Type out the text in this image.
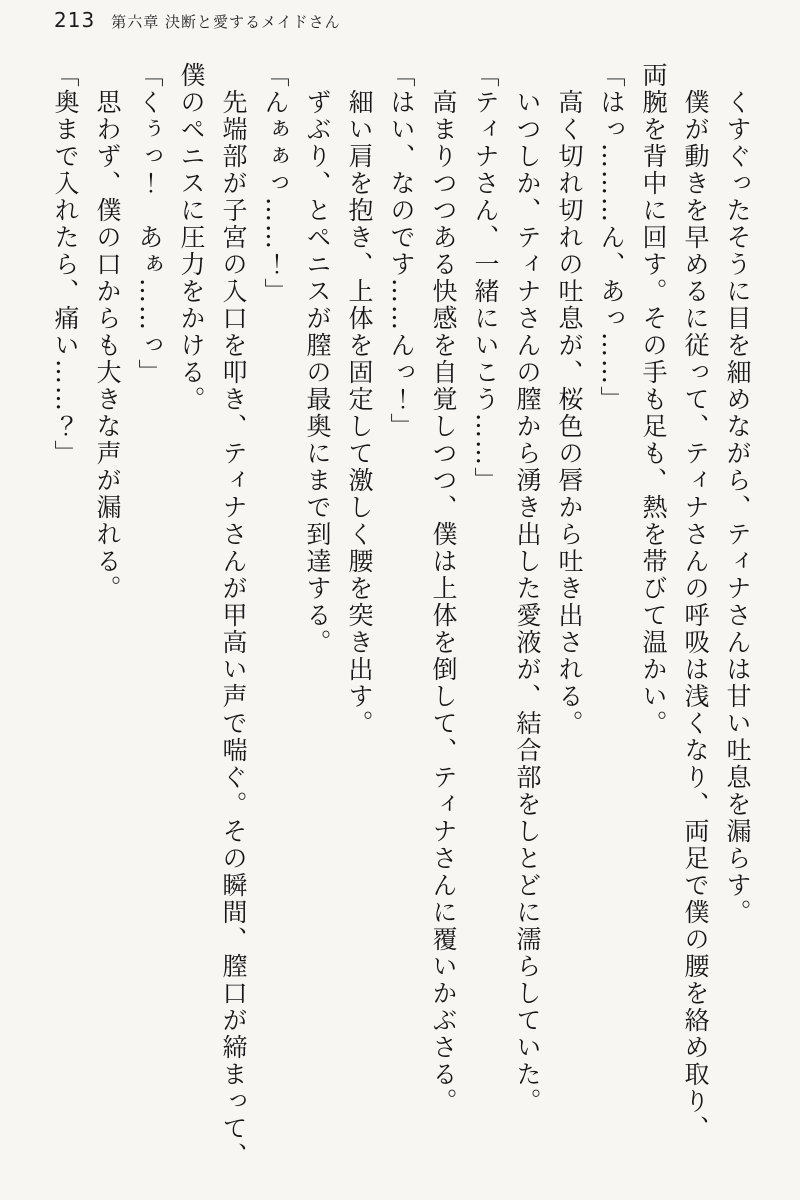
213 第六章 決断と愛するメイドさん

くすぐったそうに目を細めながら、ティナさんは甘い吐息を漏らす。

僕が動きを早めるに従って、ティナさんの呼吸は浅くなり、両足で僕の腰を絡め取り、

両腕を背中に回す。その手も足も、熱を帯びて温かい。

「はっ………ん、あっ……」

高く切れ切れの吐息が、桜色の唇から吐き出される。

いつしか、ティナさんの膣から湧き出した愛液が、結合部をしとどに濡らしていた。

「ティナさん、一緒にいこう……」

高まりつつある快感を自覚しつつ、僕は上体を倒して、ティナさんに覆いかぶさる。

「はい、なのです……んっ！」

細い肩を抱き、上体を固定して激しく腰を突き出す。

ずぶり、とペニスが膣の最奥にまで到達する。

「んぁぁっ……！」

先端部が子宮の入口を叩き、ティナさんが甲高い声で喘ぐ。その瞬間、膣口が締まって、

僕のペニスに圧力をかける。

「くぅっ！　あぁ……っ」

思わず、僕の口からも大きな声が漏れる。

「奥まで入れたら、痛い……？」
